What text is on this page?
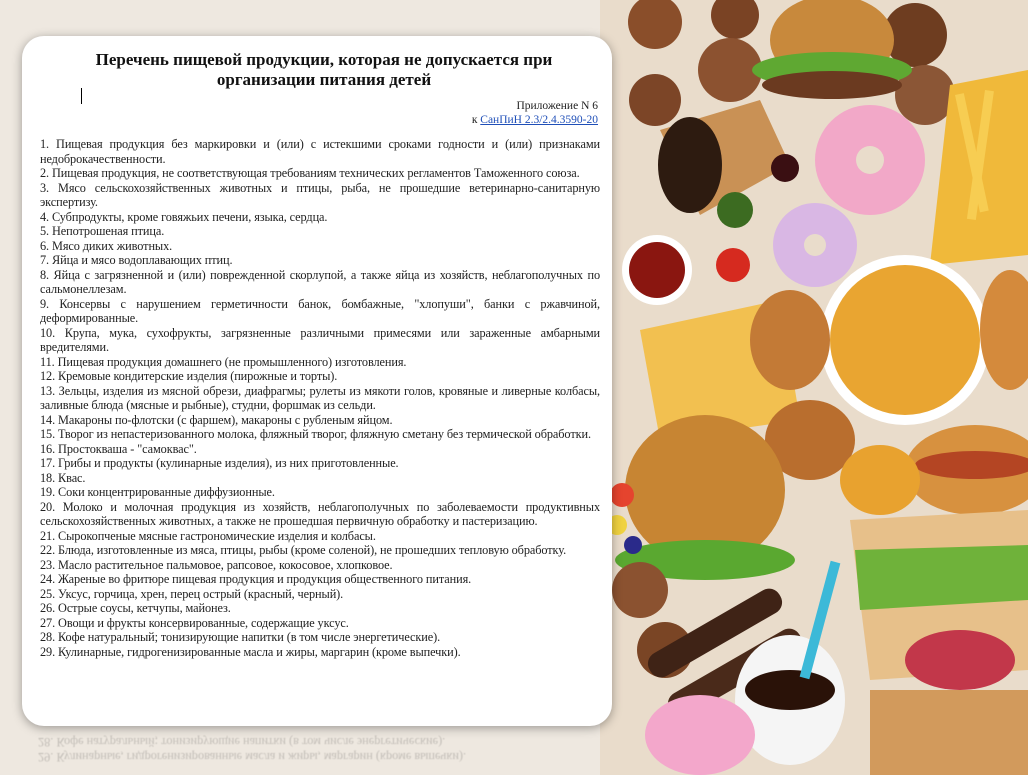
29. Кулинарные, гидрогенизированные масла и жиры, маргарин (кроме выпечки).
28. Кофе натуральный; тонизирующие напитки (в том числе энергетические).
Перечень пищевой продукции, которая не допускается при организации питания детей
Приложение N 6
к СанПиН 2.3/2.4.3590-20
1. Пищевая продукция без маркировки и (или) с истекшими сроками годности и (или) признаками недоброкачественности.
2. Пищевая продукция, не соответствующая требованиям технических регламентов Таможенного союза.
3. Мясо сельскохозяйственных животных и птицы, рыба, не прошедшие ветеринарно-санитарную экспертизу.
4. Субпродукты, кроме говяжьих печени, языка, сердца.
5. Непотрошеная птица.
6. Мясо диких животных.
7. Яйца и мясо водоплавающих птиц.
8. Яйца с загрязненной и (или) поврежденной скорлупой, а также яйца из хозяйств, неблагополучных по сальмонеллезам.
9. Консервы с нарушением герметичности банок, бомбажные, "хлопуши", банки с ржавчиной, деформированные.
10. Крупа, мука, сухофрукты, загрязненные различными примесями или зараженные амбарными вредителями.
11. Пищевая продукция домашнего (не промышленного) изготовления.
12. Кремовые кондитерские изделия (пирожные и торты).
13. Зельцы, изделия из мясной обрези, диафрагмы; рулеты из мякоти голов, кровяные и ливерные колбасы, заливные блюда (мясные и рыбные), студни, форшмак из сельди.
14. Макароны по-флотски (с фаршем), макароны с рубленым яйцом.
15. Творог из непастеризованного молока, фляжный творог, фляжную сметану без термической обработки.
16. Простокваша - "самоквас".
17. Грибы и продукты (кулинарные изделия), из них приготовленные.
18. Квас.
19. Соки концентрированные диффузионные.
20. Молоко и молочная продукция из хозяйств, неблагополучных по заболеваемости продуктивных сельскохозяйственных животных, а также не прошедшая первичную обработку и пастеризацию.
21. Сырокопченые мясные гастрономические изделия и колбасы.
22. Блюда, изготовленные из мяса, птицы, рыбы (кроме соленой), не прошедших тепловую обработку.
23. Масло растительное пальмовое, рапсовое, кокосовое, хлопковое.
24. Жареные во фритюре пищевая продукция и продукция общественного питания.
25. Уксус, горчица, хрен, перец острый (красный, черный).
26. Острые соусы, кетчупы, майонез.
27. Овощи и фрукты консервированные, содержащие уксус.
28. Кофе натуральный; тонизирующие напитки (в том числе энергетические).
29. Кулинарные, гидрогенизированные масла и жиры, маргарин (кроме выпечки).
